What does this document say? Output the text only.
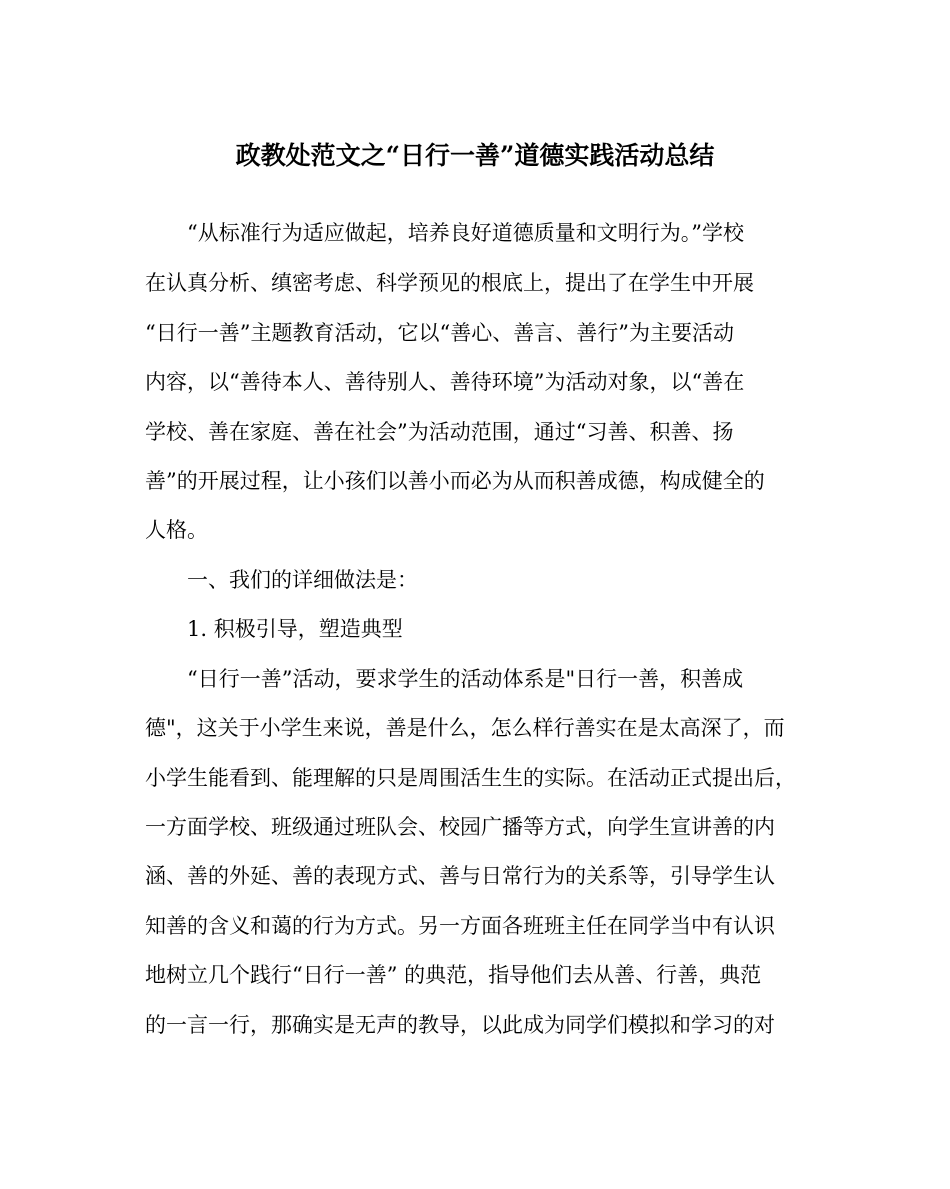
政教处范文之“日行一善”道德实践活动总结

“从标准行为适应做起，培养良好道德质量和文明行为。”学校

在认真分析、缜密考虑、科学预见的根底上，提出了在学生中开展

“日行一善”主题教育活动，它以“善心、善言、善行”为主要活动

内容，以“善待本人、善待别人、善待环境”为活动对象，以“善在

学校、善在家庭、善在社会”为活动范围，通过“习善、积善、扬

善”的开展过程，让小孩们以善小而必为从而积善成德，构成健全的

人格。

一、我们的详细做法是：

1. 积极引导，塑造典型

“日行一善”活动，要求学生的活动体系是"日行一善，积善成

德"，这关于小学生来说，善是什么，怎么样行善实在是太高深了，而

小学生能看到、能理解的只是周围活生生的实际。在活动正式提出后，

一方面学校、班级通过班队会、校园广播等方式，向学生宣讲善的内

涵、善的外延、善的表现方式、善与日常行为的关系等，引导学生认

知善的含义和蔼的行为方式。另一方面各班班主任在同学当中有认识

地树立几个践行“日行一善” 的典范，指导他们去从善、行善，典范

的一言一行，那确实是无声的教导，以此成为同学们模拟和学习的对
